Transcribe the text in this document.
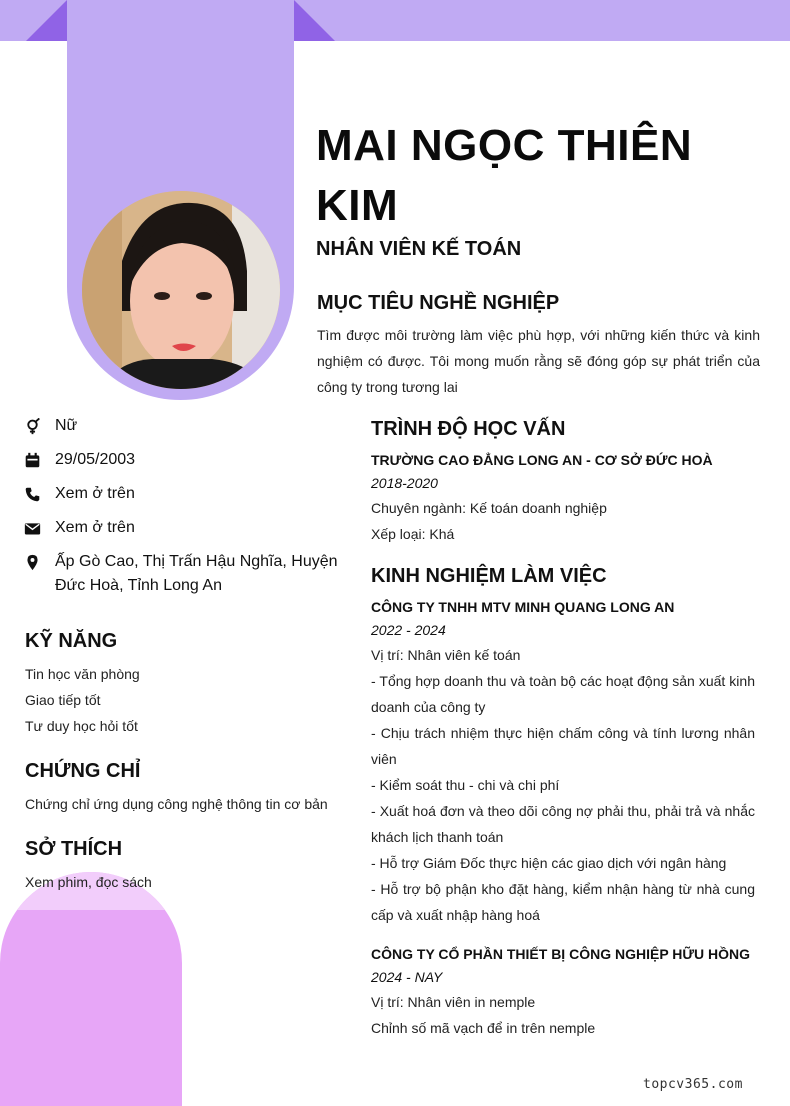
MAI NGỌC THIÊN KIM
NHÂN VIÊN KẾ TOÁN
MỤC TIÊU NGHỀ NGHIỆP
Tìm được môi trường làm việc phù hợp, với những kiến thức và kinh nghiệm có được. Tôi mong muốn rằng sẽ đóng góp sự phát triển của công ty trong tương lai
Nữ
29/05/2003
Xem ở trên
Xem ở trên
Ấp Gò Cao, Thị Trấn Hậu Nghĩa, Huyện Đức Hoà, Tỉnh Long An
KỸ NĂNG
Tin học văn phòng
Giao tiếp tốt
Tư duy học hỏi tốt
CHỨNG CHỈ
Chứng chỉ ứng dụng công nghệ thông tin cơ bản
SỞ THÍCH
Xem phim, đọc sách
TRÌNH ĐỘ HỌC VẤN
TRƯỜNG CAO ĐẲNG LONG AN - CƠ SỞ ĐỨC HOÀ
2018-2020
Chuyên ngành: Kế toán doanh nghiệp
Xếp loại: Khá
KINH NGHIỆM LÀM VIỆC
CÔNG TY TNHH MTV MINH QUANG LONG AN
2022 - 2024
Vị trí: Nhân viên kế toán
- Tổng hợp doanh thu và toàn bộ các hoạt động sản xuất kinh doanh của công ty
- Chịu trách nhiệm thực hiện chấm công và tính lương nhân viên
- Kiểm soát thu - chi và chi phí
- Xuất hoá đơn và theo dõi công nợ phải thu, phải trả và nhắc khách lịch thanh toán
- Hỗ trợ Giám Đốc thực hiện các giao dịch với ngân hàng
- Hỗ trợ bộ phận kho đặt hàng, kiểm nhận hàng từ nhà cung cấp và xuất nhập hàng hoá
CÔNG TY CỔ PHẦN THIẾT BỊ CÔNG NGHIỆP HỮU HỒNG
2024 - NAY
Vị trí: Nhân viên in nemple
Chỉnh số mã vạch để in trên nemple
topcv365.com
